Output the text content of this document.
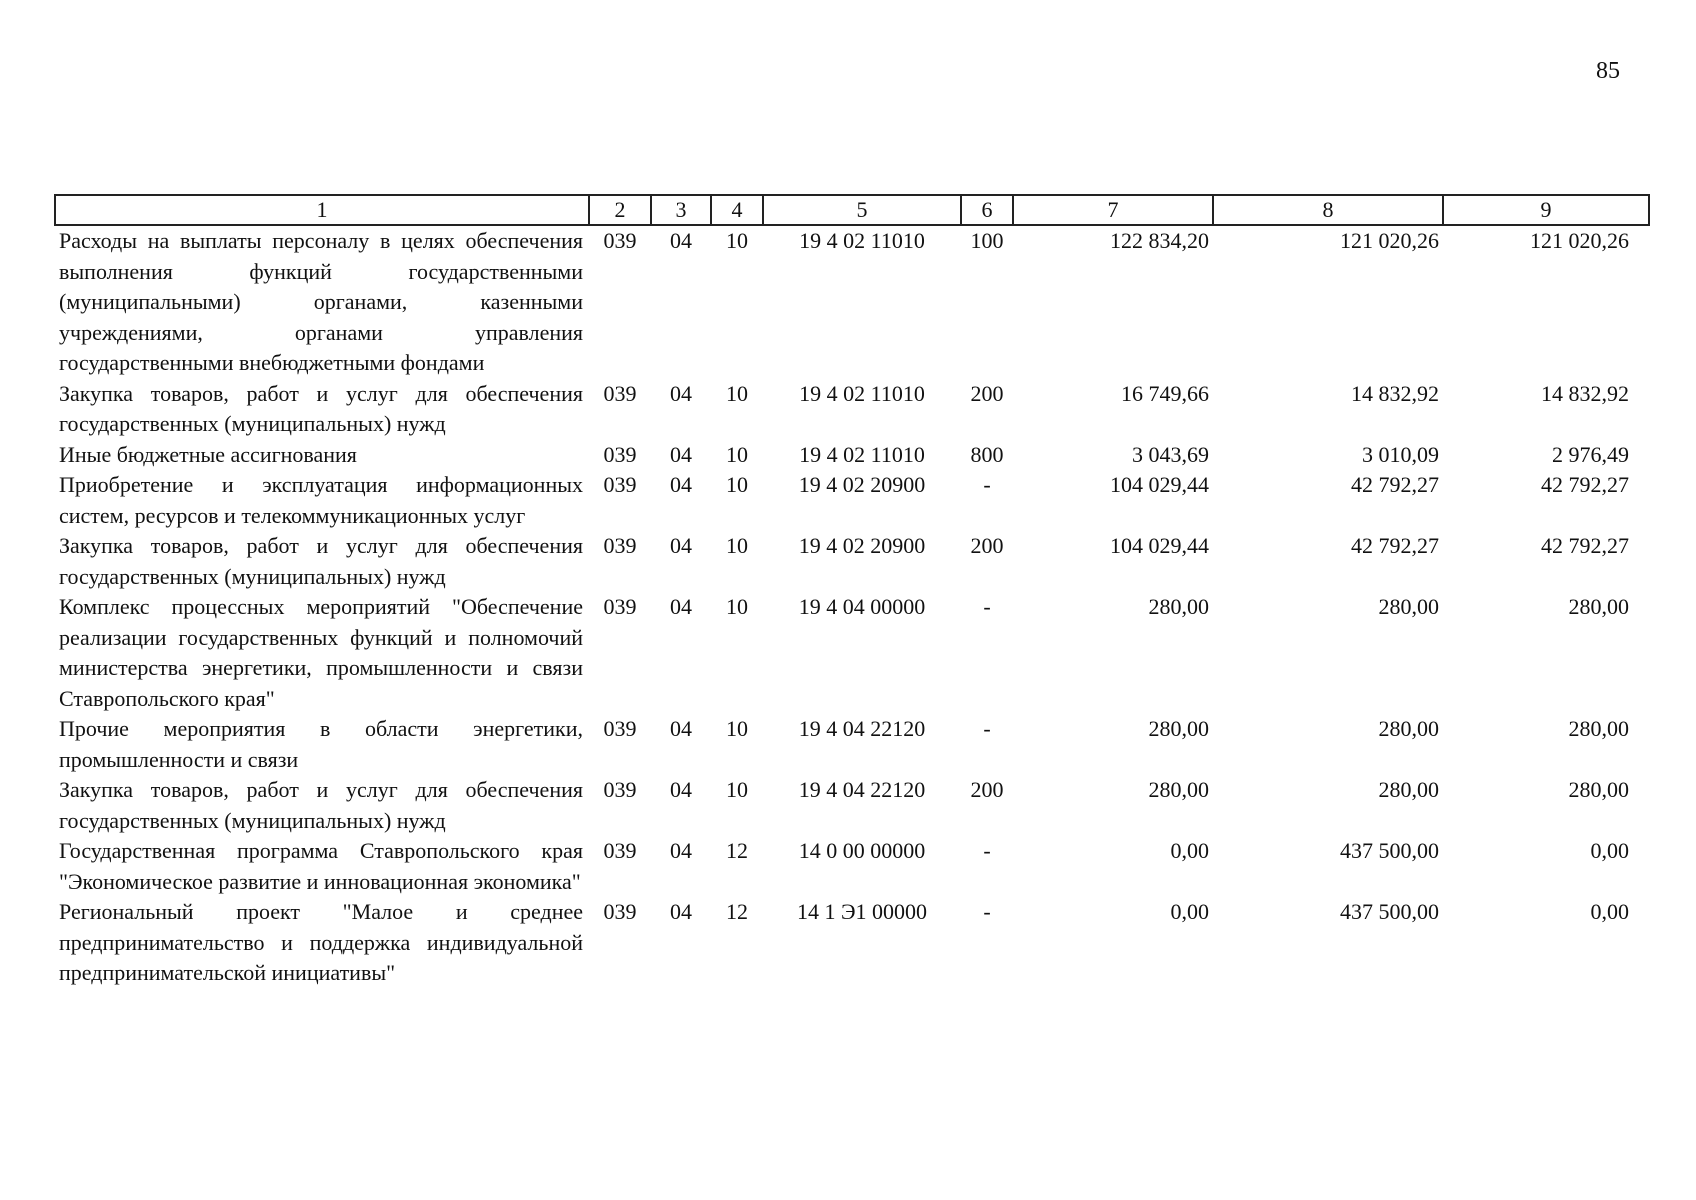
85
1	2	3	4	5	6	7	8	9
Расходы на выплаты персоналу в целях обеспечения выполнения функций государственными (муниципальными) органами, казенными учреждениями, органами управления государственными внебюджетными фондами	039	04	10	19 4 02 11010	100	122 834,20	121 020,26	121 020,26
Закупка товаров, работ и услуг для обеспечения государственных (муниципальных) нужд	039	04	10	19 4 02 11010	200	16 749,66	14 832,92	14 832,92
Иные бюджетные ассигнования	039	04	10	19 4 02 11010	800	3 043,69	3 010,09	2 976,49
Приобретение и эксплуатация информационных систем, ресурсов и телекоммуникационных услуг	039	04	10	19 4 02 20900	-	104 029,44	42 792,27	42 792,27
Закупка товаров, работ и услуг для обеспечения государственных (муниципальных) нужд	039	04	10	19 4 02 20900	200	104 029,44	42 792,27	42 792,27
Комплекс процессных мероприятий "Обеспечение реализации государственных функций и полномочий министерства энергетики, промышленности и связи Ставропольского края"	039	04	10	19 4 04 00000	-	280,00	280,00	280,00
Прочие мероприятия в области энергетики, промышленности и связи	039	04	10	19 4 04 22120	-	280,00	280,00	280,00
Закупка товаров, работ и услуг для обеспечения государственных (муниципальных) нужд	039	04	10	19 4 04 22120	200	280,00	280,00	280,00
Государственная программа Ставропольского края "Экономическое развитие и инновационная экономика"	039	04	12	14 0 00 00000	-	0,00	437 500,00	0,00
Региональный проект "Малое и среднее предпринимательство и поддержка индивидуальной предпринимательской инициативы"	039	04	12	14 1 Э1 00000	-	0,00	437 500,00	0,00
